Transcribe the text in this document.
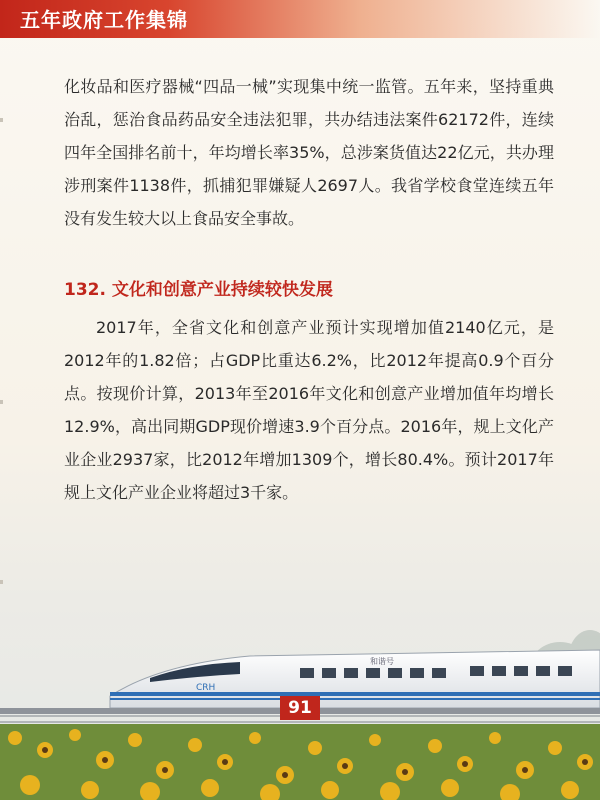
五年政府工作集锦

化妆品和医疗器械“四品一械”实现集中统一监管。五年来，坚持重典治乱，惩治食品药品安全违法犯罪，共办结违法案件62172件，连续四年全国排名前十，年均增长率35%，总涉案货值达22亿元，共办理涉刑案件1138件，抓捕犯罪嫌疑人2697人。我省学校食堂连续五年没有发生较大以上食品安全事故。

132. 文化和创意产业持续较快发展

2017年，全省文化和创意产业预计实现增加值2140亿元，是2012年的1.82倍；占GDP比重达6.2%，比2012年提高0.9个百分点。按现价计算，2013年至2016年文化和创意产业增加值年均增长12.9%，高出同期GDP现价增速3.9个百分点。2016年，规上文化产业企业2937家，比2012年增加1309个，增长80.4%。预计2017年规上文化产业企业将超过3千家。

CRH
和谐号
91
